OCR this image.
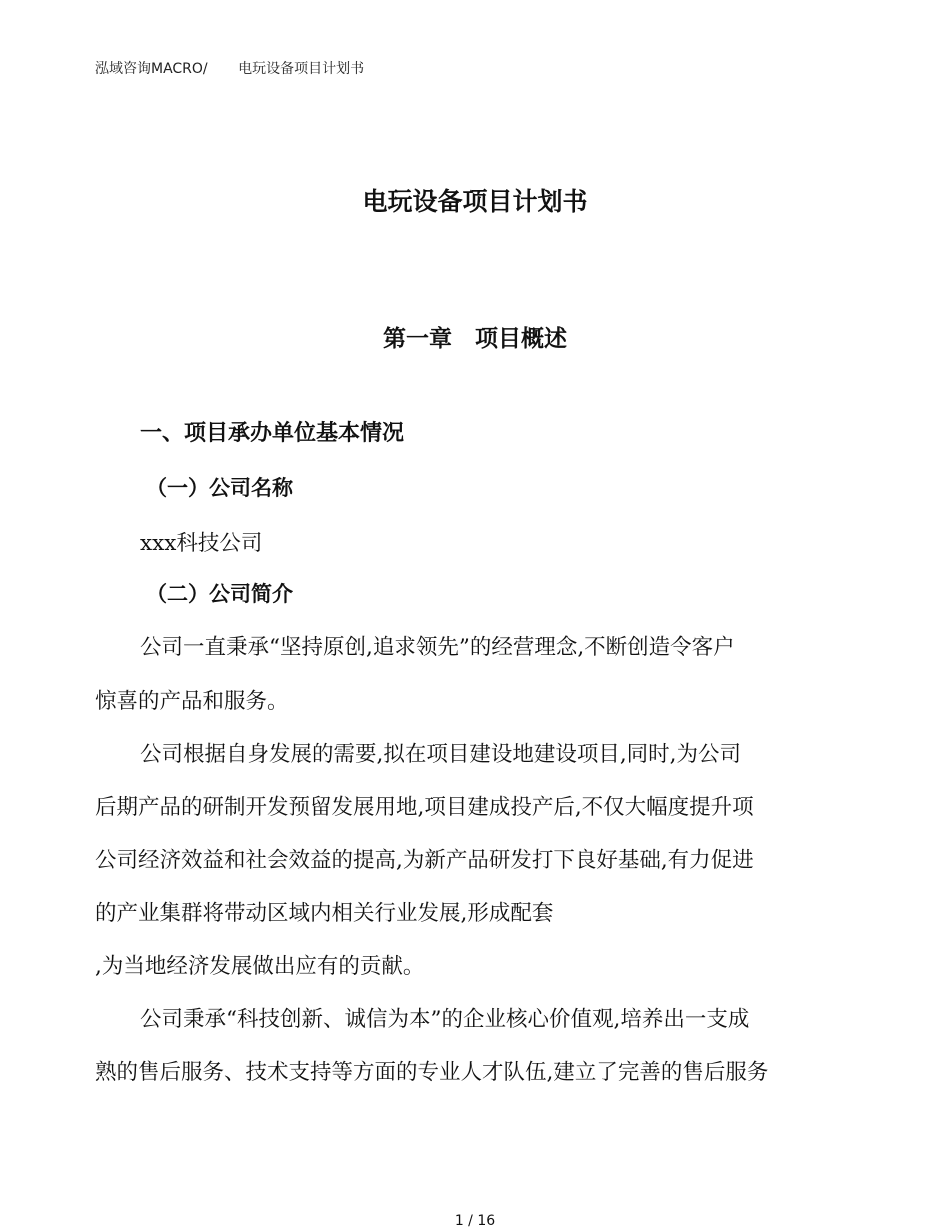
泓域咨询MACRO/ 电玩设备项目计划书
电玩设备项目计划书
第一章　项目概述
一、项目承办单位基本情况
（一）公司名称
xxx科技公司
（二）公司简介
公司一直秉承“坚持原创,追求领先”的经营理念,不断创造令客户
惊喜的产品和服务。
公司根据自身发展的需要,拟在项目建设地建设项目,同时,为公司
后期产品的研制开发预留发展用地,项目建成投产后,不仅大幅度提升项
公司经济效益和社会效益的提高,为新产品研发打下良好基础,有力促进
的产业集群将带动区域内相关行业发展,形成配套
,为当地经济发展做出应有的贡献。
公司秉承“科技创新、诚信为本”的企业核心价值观,培养出一支成
熟的售后服务、技术支持等方面的专业人才队伍,建立了完善的售后服务
1 / 16
